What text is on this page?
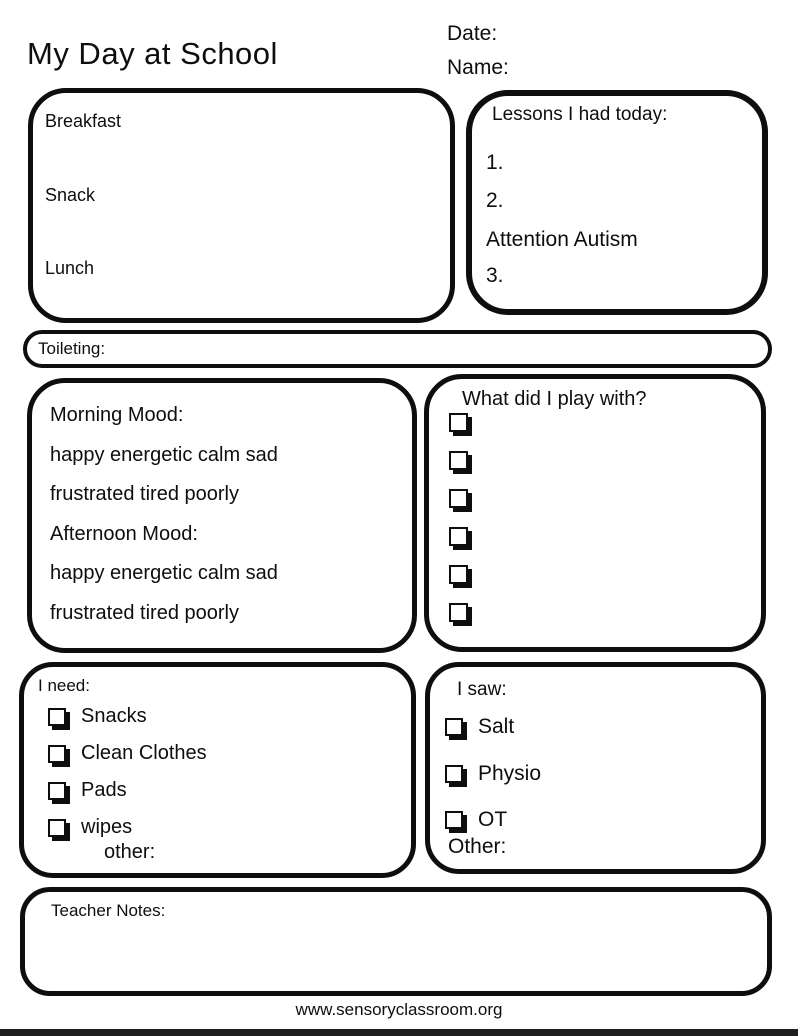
My Day at School
Date:
Name:
Breakfast
Snack
Lunch
Lessons I had today:
1.
2.
Attention Autism
3.
Toileting:
Morning Mood:
happy energetic calm sad
frustrated tired poorly
Afternoon Mood:
happy energetic calm sad
frustrated tired poorly
What did I play with?
I need:
Snacks
Clean Clothes
Pads
wipes
other:
I saw:
Salt
Physio
OT
Other:
Teacher Notes:
www.sensoryclassroom.org
